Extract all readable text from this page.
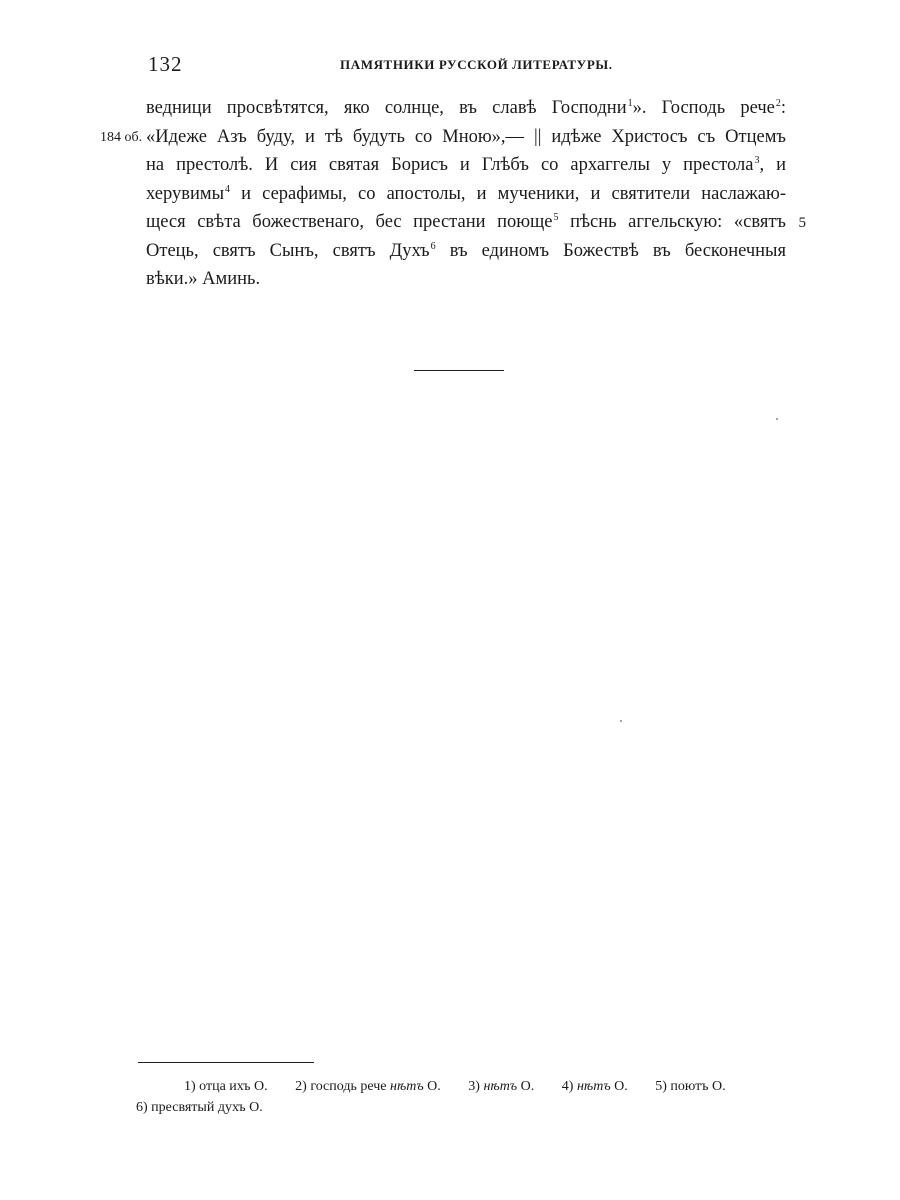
132	ПАМЯТНИКИ РУССКОЙ ЛИТЕРАТУРЫ.
ведници просвѣтятся, яко солнце, въ славѣ Господни$^1$». Господь рече$^2$:
184 об. «Идеже Азъ буду, и тѣ будуть со Мною»,— || идѣже Христосъ съ Отцемъ
на престолѣ. И сия святая Борисъ и Глѣбъ со архаггелы у престола$^3$, и
херувимы$^4$ и серафимы, со апостолы, и мученики, и святители наслажаю-
щеся свѣта божественаго, бес престани поюще$^5$ пѣснь аггельскую: «святъ 5
Отець, святъ Сынъ, святъ Духъ$^6$ въ единомъ Божествѣ въ бесконечныя
вѣки.» Аминь.
1) отца ихъ О. 2) господь рече нѣтъ О. 3) нѣтъ О. 4) нѣтъ О. 5) поютъ О.
6) пресвятый духъ О.
